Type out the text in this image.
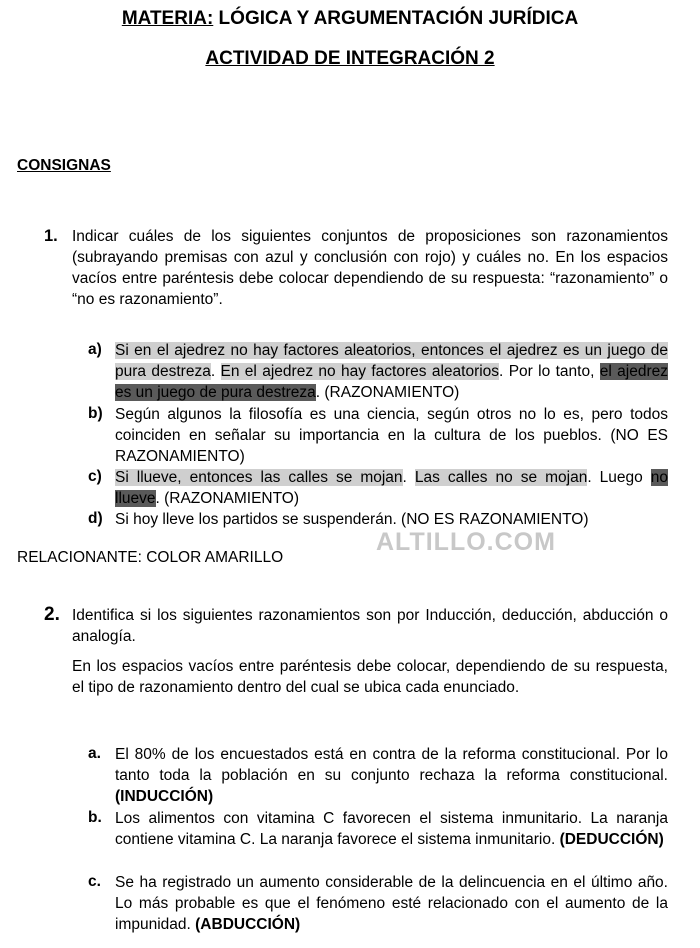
MATERIA: LÓGICA Y ARGUMENTACIÓN JURÍDICA
ACTIVIDAD DE INTEGRACIÓN 2
CONSIGNAS
1. Indicar cuáles de los siguientes conjuntos de proposiciones son razonamientos (subrayando premisas con azul y conclusión con rojo) y cuáles no. En los espacios vacíos entre paréntesis debe colocar dependiendo de su respuesta: “razonamiento” o “no es razonamiento”.
a) Si en el ajedrez no hay factores aleatorios, entonces el ajedrez es un juego de pura destreza. En el ajedrez no hay factores aleatorios. Por lo tanto, el ajedrez es un juego de pura destreza. (RAZONAMIENTO)
b) Según algunos la filosofía es una ciencia, según otros no lo es, pero todos coinciden en señalar su importancia en la cultura de los pueblos. (NO ES RAZONAMIENTO)
c) Si llueve, entonces las calles se mojan. Las calles no se mojan. Luego no llueve. (RAZONAMIENTO)
d) Si hoy lleve los partidos se suspenderán. (NO ES RAZONAMIENTO)
RELACIONANTE: COLOR AMARILLO
ALTILLO.COM
2. Identifica si los siguientes razonamientos son por Inducción, deducción, abducción o analogía.
En los espacios vacíos entre paréntesis debe colocar, dependiendo de su respuesta, el tipo de razonamiento dentro del cual se ubica cada enunciado.
a. El 80% de los encuestados está en contra de la reforma constitucional. Por lo tanto toda la población en su conjunto rechaza la reforma constitucional. (INDUCCIÓN)
b. Los alimentos con vitamina C favorecen el sistema inmunitario. La naranja contiene vitamina C. La naranja favorece el sistema inmunitario. (DEDUCCIÓN)
c. Se ha registrado un aumento considerable de la delincuencia en el último año. Lo más probable es que el fenómeno esté relacionado con el aumento de la impunidad. (ABDUCCIÓN)
